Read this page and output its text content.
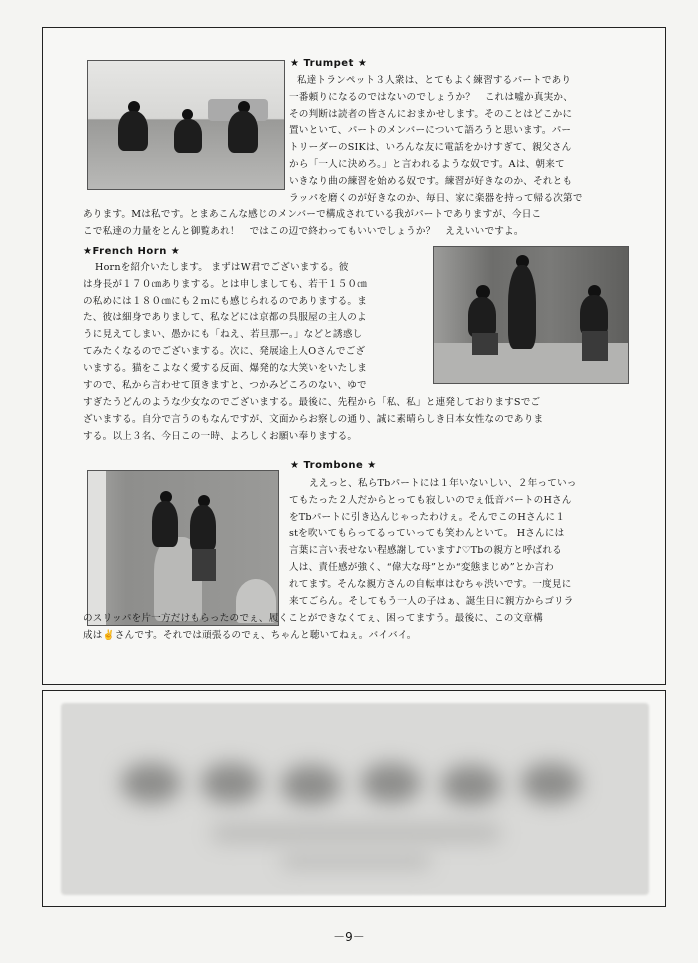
★ Trumpet ★
私達トランペット３人衆は、とてもよく練習するパートであり
一番頼りになるのではないのでしょうか？　これは嘘か真実か、
その判断は読者の皆さんにおまかせします。そのことはどこかに
置いといて、パートのメンバーについて語ろうと思います。パー
トリーダーのSIKは、いろんな友に電話をかけすぎて、親父さん
から「一人に決めろ。」と言われるような奴です。Aは、朝来て
いきなり曲の練習を始める奴です。練習が好きなのか、それとも
ラッパを磨くのが好きなのか、毎日、家に楽器を持って帰る次第で
あります。Mは私です。とまあこんな感じのメンバーで構成されている我がパートでありますが、今日こ
こで私達の力量をとんと御覧あれ！　ではこの辺で終わってもいいでしょうか？　ええいいですよ。
★French Horn ★
Hornを紹介いたします。 まずはW君でございまする。彼
は身長が１７０㎝ありまする。とは申しましても、若干１５０㎝
の私めには１８０㎝にも２ｍにも感じられるのでありまする。ま
た、彼は細身でありまして、私などには京都の呉服屋の主人のよ
うに見えてしまい、愚かにも「ねえ、若旦那ー。」などと誘惑し
てみたくなるのでございまする。次に、発展途上人Oさんでござ
いまする。猫をこよなく愛する反面、爆発的な大笑いをいたしま
すので、私から言わせて頂きますと、つかみどころのない、ゆで
すぎたうどんのような少女なのでございまする。最後に、先程から「私、私」と連発しておりますSでご
ざいまする。自分で言うのもなんですが、文面からお察しの通り、誠に素晴らしき日本女性なのでありま
する。以上３名、今日この一時、よろしくお願い奉りまする。
★ Trombone ★
ええっと、私らTbパートには１年いないしい、２年っていっ
てもたった２人だからとっても寂しいのでぇ低音パートのHさん
をTbパートに引き込んじゃったわけぇ。そんでこのHさんに１
stを吹いてもらってるっていっても笑わんといて。 Hさんには
言葉に言い表せない程感謝しています♪♡Tbの親方と呼ばれる
人は、責任感が強く、“偉大な母”とか“変態まじめ”とか言わ
れてます。そんな親方さんの自転車はむちゃ渋いです。一度見に
来てごらん。そしてもう一人の子はぁ、誕生日に親方からゴリラ
のスリッパを片一方だけもらったのでぇ、履くことができなくてぇ、困ってますう。最後に、この文章構
成は✌さんです。それでは頑張るのでぇ、ちゃんと聴いてねぇ。バイバイ。
－9－
